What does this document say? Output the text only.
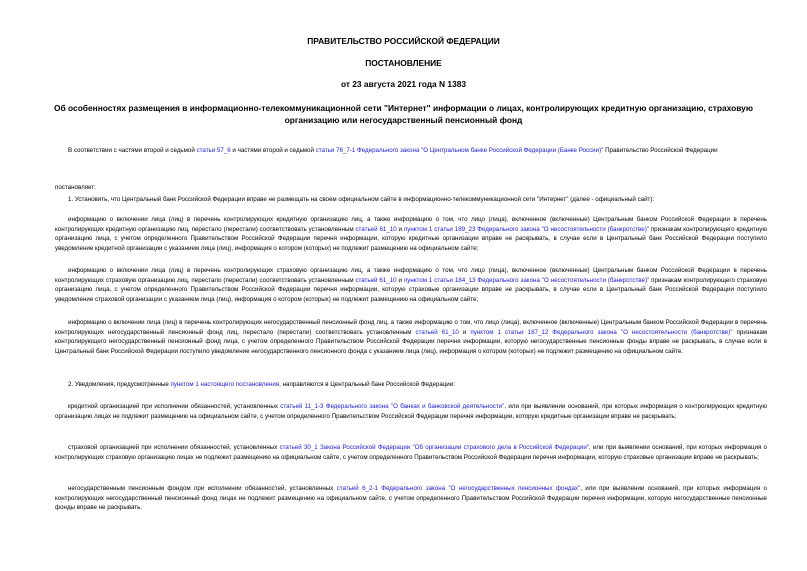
ПРАВИТЕЛЬСТВО РОССИЙСКОЙ ФЕДЕРАЦИИ
ПОСТАНОВЛЕНИЕ
от 23 августа 2021 года N 1383
Об особенностях размещения в информационно-телекоммуникационной сети "Интернет" информации о лицах, контролирующих кредитную организацию, страховую организацию или негосударственный пенсионный фонд

В соответствии с частями второй и седьмой статьи 57_6 и частями второй и седьмой статьи 76_7-1 Федерального закона "О Центральном банке Российской Федерации (Банке России)" Правительство Российской Федерации

постановляет:

1. Установить, что Центральный банк Российской Федерации вправе не размещать на своем официальном сайте в информационно-телекоммуникационной сети "Интернет" (далее - официальный сайт):

информацию о включении лица (лиц) в перечень контролирующих кредитную организацию лиц, а также информацию о том, что лицо (лица), включенное (включенные) Центральным банком Российской Федерации в перечень контролирующих кредитную организацию лиц, перестало (перестали) соответствовать установленным статьей 61_10 и пунктом 1 статьи 189_23 Федерального закона "О несостоятельности (банкротстве)" признакам контролирующего кредитную организацию лица, с учетом определенного Правительством Российской Федерации перечня информации, которую кредитные организации вправе не раскрывать, в случае если в Центральный банк Российской Федерации поступило уведомление кредитной организации с указанием лица (лиц), информация о котором (которых) не подлежит размещению на официальном сайте;

информацию о включении лица (лиц) в перечень контролирующих страховую организацию лиц, а также информацию о том, что лицо (лица), включенное (включенные) Центральным банком Российской Федерации в перечень контролирующих страховую организацию лиц, перестало (перестали) соответствовать установленным статьей 61_10 и пунктом 1 статьи 184_13 Федерального закона "О несостоятельности (банкротстве)" признакам контролирующего страховую организацию лица, с учетом определенного Правительством Российской Федерации перечня информации, которую страховые организации вправе не раскрывать, в случае если в Центральный банк Российской Федерации поступило уведомление страховой организации с указанием лица (лиц), информация о котором (которых) не подлежит размещению на официальном сайте;

информацию о включении лица (лиц) в перечень контролирующих негосударственный пенсионный фонд лиц, а также информацию о том, что лицо (лица), включенное (включенные) Центральным банком Российской Федерации в перечень контролирующих негосударственный пенсионный фонд лиц, перестало (перестали) соответствовать установленным статьей 61_10 и пунктом 1 статьи 187_12 Федерального закона "О несостоятельности (банкротстве)" признакам контролирующего негосударственный пенсионный фонд лица, с учетом определенного Правительством Российской Федерации перечня информации, которую негосударственные пенсионные фонды вправе не раскрывать, в случае если в Центральный банк Российской Федерации поступило уведомление негосударственного пенсионного фонда с указанием лица (лиц), информация о котором (которых) не подлежит размещению на официальном сайте.

2. Уведомления, предусмотренные пунктом 1 настоящего постановления, направляются в Центральный банк Российской Федерации:

кредитной организацией при исполнении обязанностей, установленных статьей 11_1-3 Федерального закона "О банках и банковской деятельности", или при выявлении оснований, при которых информация о контролирующих кредитную организацию лицах не подлежит размещению на официальном сайте, с учетом определенного Правительством Российской Федерации перечня информации, которую кредитные организации вправе не раскрывать;

страховой организацией при исполнении обязанностей, установленных статьей 30_1 Закона Российской Федерации "Об организации страхового дела в Российской Федерации", или при выявлении оснований, при которых информация о контролирующих страховую организацию лицах не подлежит размещению на официальном сайте, с учетом определенного Правительством Российской Федерации перечня информации, которую страховые организации вправе не раскрывать;

негосударственным пенсионным фондом при исполнении обязанностей, установленных статьей 6_2-1 Федерального закона "О негосударственных пенсионных фондах", или при выявлении оснований, при которых информация о контролирующих негосударственный пенсионный фонд лицах не подлежит размещению на официальном сайте, с учетом определенного Правительством Российской Федерации перечня информации, которую негосударственные пенсионные фонды вправе не раскрывать.
